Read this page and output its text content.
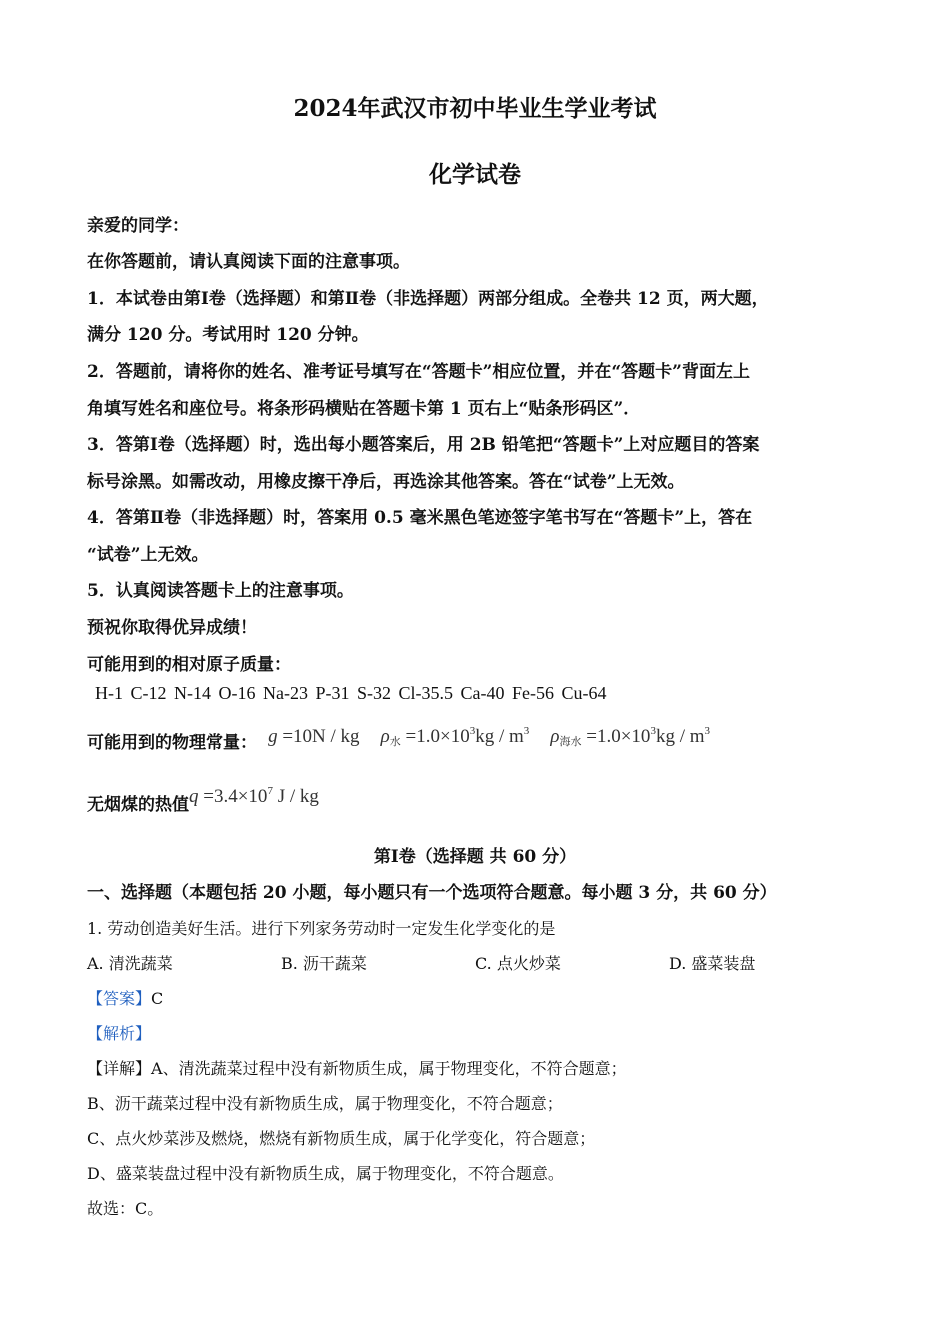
2024年武汉市初中毕业生学业考试
化学试卷
亲爱的同学：
在你答题前，请认真阅读下面的注意事项。
1．本试卷由第Ⅰ卷（选择题）和第Ⅱ卷（非选择题）两部分组成。全卷共 12 页，两大题，
满分 120 分。考试用时 120 分钟。
2．答题前，请将你的姓名、准考证号填写在“答题卡”相应位置，并在“答题卡”背面左上
角填写姓名和座位号。将条形码横贴在答题卡第 1 页右上“贴条形码区”．
3．答第Ⅰ卷（选择题）时，选出每小题答案后，用 2B 铅笔把“答题卡”上对应题目的答案
标号涂黑。如需改动，用橡皮擦干净后，再选涂其他答案。答在“试卷”上无效。
4．答第Ⅱ卷（非选择题）时，答案用 0.5 毫米黑色笔迹签字笔书写在“答题卡”上，答在
“试卷”上无效。
5．认真阅读答题卡上的注意事项。
预祝你取得优异成绩！
可能用到的相对原子质量：
H-1 C-12 N-14 O-16 Na-23 P-31 S-32 Cl-35.5 Ca-40 Fe-56 Cu-64
可能用到的物理常量： g =10N / kg $\rho_水 =1.0\times 10^3kg / m^3$ $\rho_{海水} =1.0\times 10^3kg / m^3$
无烟煤的热值$q =3.4\times 10^7$ J / kg
第Ⅰ卷（选择题 共 60 分）
一、选择题（本题包括 20 小题，每小题只有一个选项符合题意。每小题 3 分，共 60 分）
1. 劳动创造美好生活。进行下列家务劳动时一定发生化学变化的是
A. 清洗蔬菜	B. 沥干蔬菜	C. 点火炒菜	D. 盛菜装盘
【答案】C
【解析】
【详解】A、清洗蔬菜过程中没有新物质生成，属于物理变化，不符合题意；
B、沥干蔬菜过程中没有新物质生成，属于物理变化，不符合题意；
C、点火炒菜涉及燃烧，燃烧有新物质生成，属于化学变化，符合题意；
D、盛菜装盘过程中没有新物质生成，属于物理变化，不符合题意。
故选：C。
